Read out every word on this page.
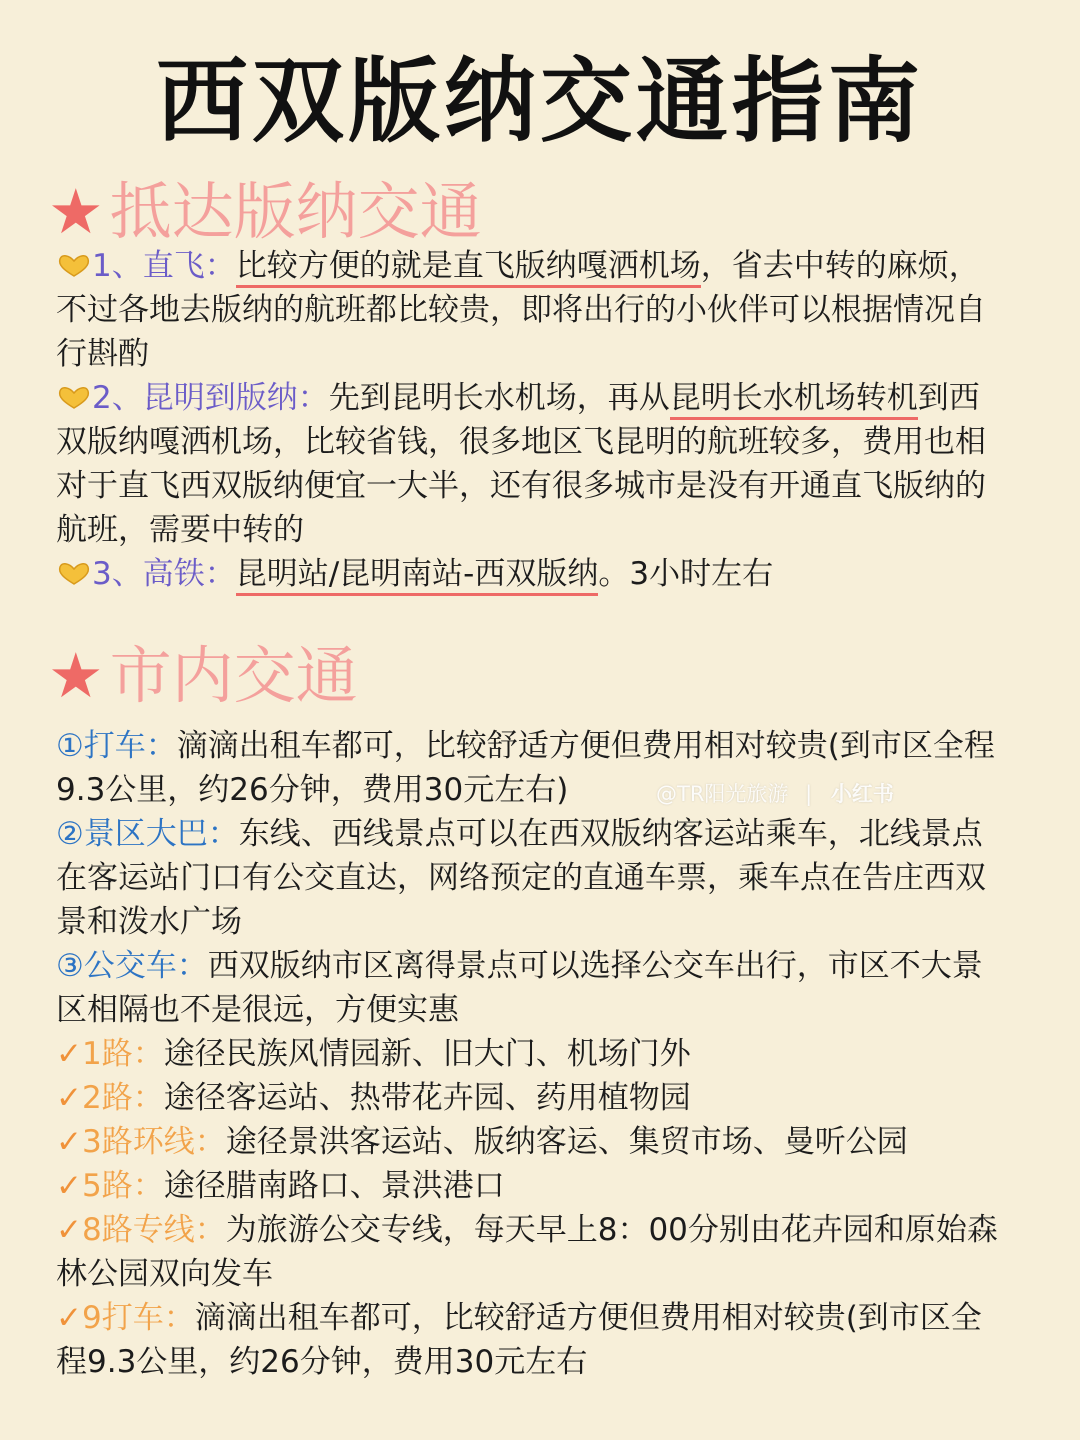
西双版纳交通指南
★抵达版纳交通
1、直飞：比较方便的就是直飞版纳嘎洒机场，省去中转的麻烦，
不过各地去版纳的航班都比较贵，即将出行的小伙伴可以根据情况自
行斟酌
2、昆明到版纳：先到昆明长水机场，再从昆明长水机场转机到西
双版纳嘎洒机场，比较省钱，很多地区飞昆明的航班较多，费用也相
对于直飞西双版纳便宜一大半，还有很多城市是没有开通直飞版纳的
航班，需要中转的
3、高铁：昆明站/昆明南站-西双版纳。3小时左右
★市内交通
①打车：滴滴出租车都可，比较舒适方便但费用相对较贵(到市区全程
9.3公里，约26分钟，费用30元左右)	@TR阳光旅游 | 小红书
②景区大巴：东线、西线景点可以在西双版纳客运站乘车，北线景点
在客运站门口有公交直达，网络预定的直通车票，乘车点在告庄西双
景和泼水广场
③公交车：西双版纳市区离得景点可以选择公交车出行，市区不大景
区相隔也不是很远，方便实惠
✓1路：途径民族风情园新、旧大门、机场门外
✓2路：途径客运站、热带花卉园、药用植物园
✓3路环线：途径景洪客运站、版纳客运、集贸市场、曼听公园
✓5路：途径腊南路口、景洪港口
✓8路专线：为旅游公交专线，每天早上8：00分别由花卉园和原始森
林公园双向发车
✓9打车：滴滴出租车都可，比较舒适方便但费用相对较贵(到市区全
程9.3公里，约26分钟，费用30元左右
